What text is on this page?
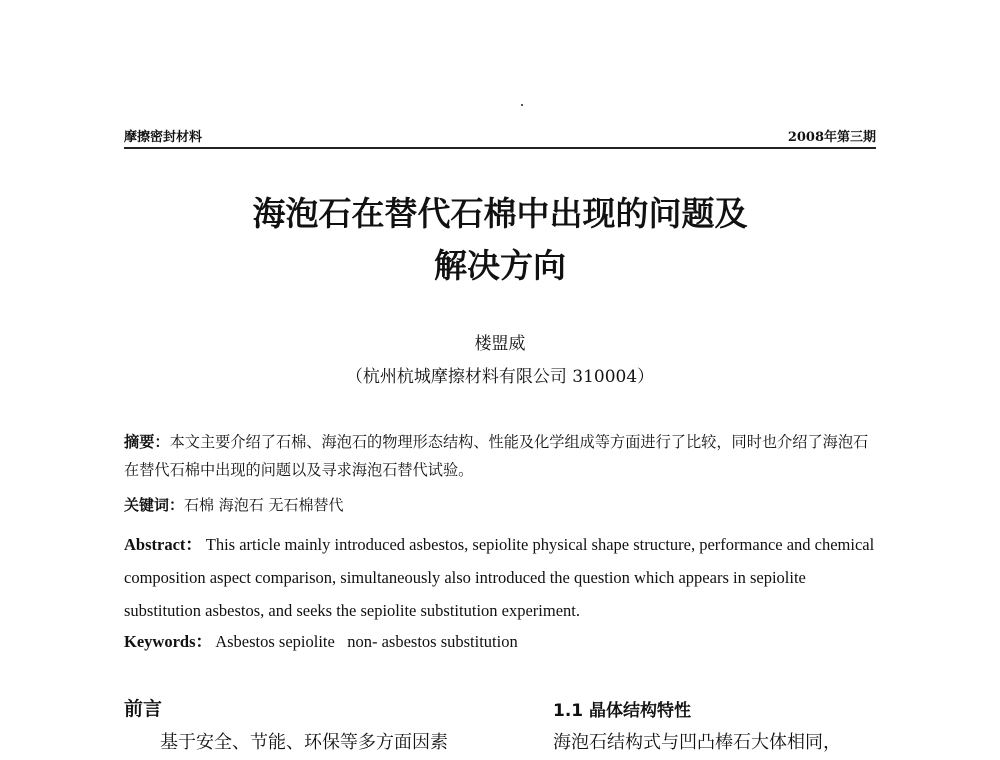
摩擦密封材料	2008年第三期
海泡石在替代石棉中出现的问题及
解决方向
楼盟威
（杭州杭城摩擦材料有限公司 310004）
摘要：本文主要介绍了石棉、海泡石的物理形态结构、性能及化学组成等方面进行了比较，同时也介绍了海泡石在替代石棉中出现的问题以及寻求海泡石替代试验。
关键词：石棉 海泡石 无石棉替代
Abstract： This article mainly introduced asbestos, sepiolite physical shape structure, performance and chemical composition aspect comparison, simultaneously also introduced the question which appears in sepiolite substitution asbestos, and seeks the sepiolite substitution experiment.
Keywords： Asbestos sepiolite   non- asbestos substitution
前言
基于安全、节能、环保等多方面因素
1.1 晶体结构特性
海泡石结构式与凹凸棒石大体相同，
